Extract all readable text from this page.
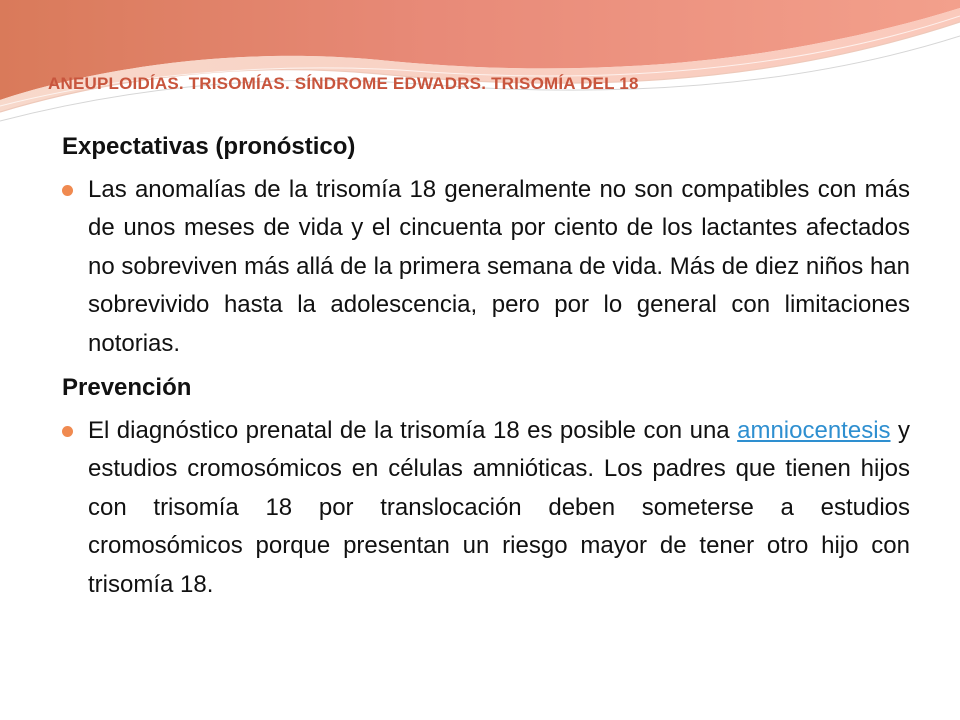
ANEUPLOIDÍAS. TRISOMÍAS. SÍNDROME EDWADRS. TRISOMÍA DEL 18

Expectativas (pronóstico)

Las anomalías de la trisomía 18 generalmente no son compatibles con más de unos meses de vida y el cincuenta por ciento de los lactantes afectados no sobreviven más allá de la primera semana de vida. Más de diez niños han sobrevivido hasta la adolescencia, pero por lo general con limitaciones notorias.

Prevención

El diagnóstico prenatal de la trisomía 18 es posible con una amniocentesis y estudios cromosómicos en células amnióticas. Los padres que tienen hijos con trisomía 18 por translocación deben someterse a estudios cromosómicos porque presentan un riesgo mayor de tener otro hijo con trisomía 18.
